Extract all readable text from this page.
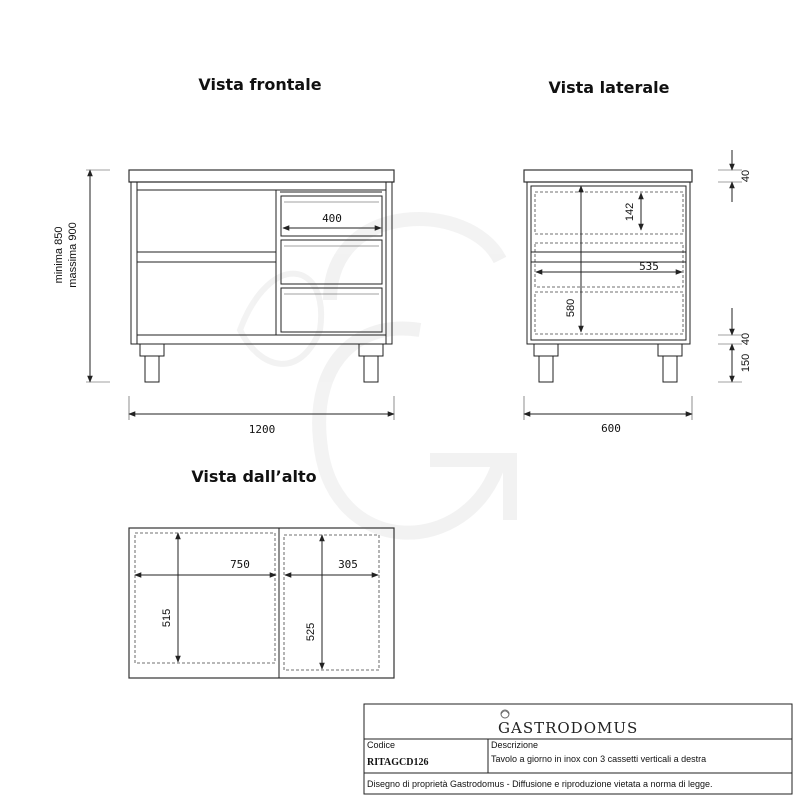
Vista frontale	Vista laterale
Vista dall’alto
400
1200
minima 850 massima 900
142
535
580
600
40
40
150
750	305
515
525
GASTRODOMUS
Codice
RITAGCD126
Descrizione
Tavolo a giorno in inox con 3 cassetti verticali a destra
Disegno di proprietà Gastrodomus - Diffusione e riproduzione vietata a norma di legge.
